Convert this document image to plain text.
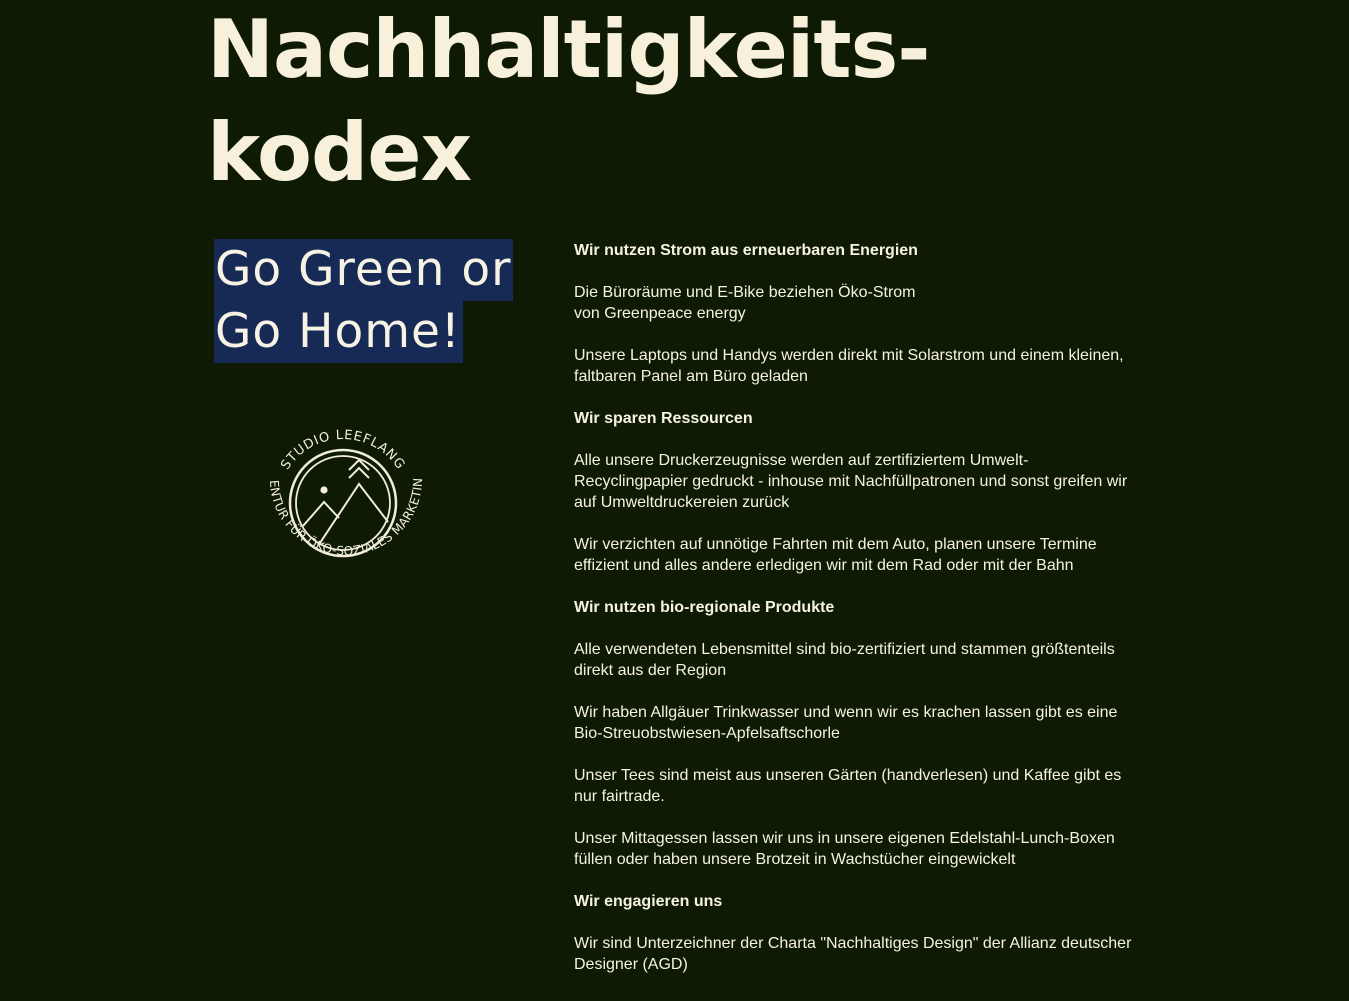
Nachhaltigkeits-
kodex
Go Green or
Go Home!
STUDIO LEEFLANG
ENTUR FÜR ÖKO-SOZIALES MARKETIN

Wir nutzen Strom aus erneuerbaren Energien

Die Büroräume und E-Bike beziehen Öko-Strom
von Greenpeace energy

Unsere Laptops und Handys werden direkt mit Solarstrom und einem kleinen, faltbaren Panel am Büro geladen

Wir sparen Ressourcen

Alle unsere Druckerzeugnisse werden auf zertifiziertem Umwelt-Recyclingpapier gedruckt - inhouse mit Nachfüllpatronen und sonst greifen wir auf Umweltdruckereien zurück

Wir verzichten auf unnötige Fahrten mit dem Auto, planen unsere Termine effizient und alles andere erledigen wir mit dem Rad oder mit der Bahn

Wir nutzen bio-regionale Produkte

Alle verwendeten Lebensmittel sind bio-zertifiziert und stammen größtenteils direkt aus der Region

Wir haben Allgäuer Trinkwasser und wenn wir es krachen lassen gibt es eine Bio-Streuobstwiesen-Apfelsaftschorle

Unser Tees sind meist aus unseren Gärten (handverlesen) und Kaffee gibt es nur fairtrade.

Unser Mittagessen lassen wir uns in unsere eigenen Edelstahl-Lunch-Boxen füllen oder haben unsere Brotzeit in Wachstücher eingewickelt

Wir engagieren uns

Wir sind Unterzeichner der Charta "Nachhaltiges Design" der Allianz deutscher Designer (AGD)
